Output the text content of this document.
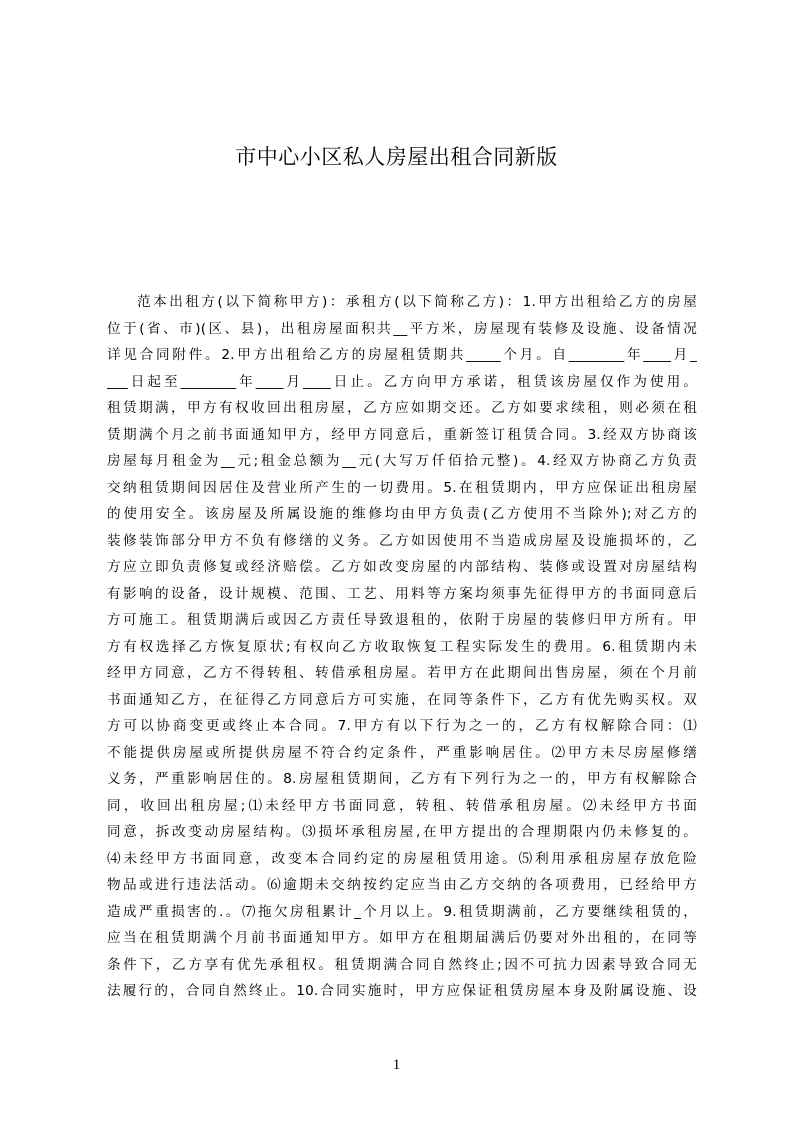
市中心小区私人房屋出租合同新版
范本出租方(以下简称甲方)：承租方(以下简称乙方)：1.甲方出租给乙方的房屋
位于(省、市)(区、县)，出租房屋面积共__平方米，房屋现有装修及设施、设备情况
详见合同附件。2.甲方出租给乙方的房屋租赁期共_____个月。自________年____月_
___日起至________年____月____日止。乙方向甲方承诺，租赁该房屋仅作为使用。
租赁期满，甲方有权收回出租房屋，乙方应如期交还。乙方如要求续租，则必须在租
赁期满个月之前书面通知甲方，经甲方同意后，重新签订租赁合同。3.经双方协商该
房屋每月租金为__元;租金总额为__元(大写万仟佰拾元整)。4.经双方协商乙方负责
交纳租赁期间因居住及营业所产生的一切费用。5.在租赁期内，甲方应保证出租房屋
的使用安全。该房屋及所属设施的维修均由甲方负责(乙方使用不当除外);对乙方的
装修装饰部分甲方不负有修缮的义务。乙方如因使用不当造成房屋及设施损坏的，乙
方应立即负责修复或经济赔偿。乙方如改变房屋的内部结构、装修或设置对房屋结构
有影响的设备，设计规模、范围、工艺、用料等方案均须事先征得甲方的书面同意后
方可施工。租赁期满后或因乙方责任导致退租的，依附于房屋的装修归甲方所有。甲
方有权选择乙方恢复原状;有权向乙方收取恢复工程实际发生的费用。6.租赁期内未
经甲方同意，乙方不得转租、转借承租房屋。若甲方在此期间出售房屋，须在个月前
书面通知乙方，在征得乙方同意后方可实施，在同等条件下，乙方有优先购买权。双
方可以协商变更或终止本合同。7.甲方有以下行为之一的，乙方有权解除合同：⑴
不能提供房屋或所提供房屋不符合约定条件，严重影响居住。⑵甲方未尽房屋修缮
义务，严重影响居住的。8.房屋租赁期间，乙方有下列行为之一的，甲方有权解除合
同，收回出租房屋;⑴未经甲方书面同意，转租、转借承租房屋。⑵未经甲方书面
同意，拆改变动房屋结构。⑶损坏承租房屋,在甲方提出的合理期限内仍未修复的。
⑷未经甲方书面同意，改变本合同约定的房屋租赁用途。⑸利用承租房屋存放危险
物品或进行违法活动。⑹逾期未交纳按约定应当由乙方交纳的各项费用，已经给甲方
造成严重损害的.。⑺拖欠房租累计_个月以上。9.租赁期满前，乙方要继续租赁的，
应当在租赁期满个月前书面通知甲方。如甲方在租期届满后仍要对外出租的，在同等
条件下，乙方享有优先承租权。租赁期满合同自然终止;因不可抗力因素导致合同无
法履行的，合同自然终止。10.合同实施时，甲方应保证租赁房屋本身及附属设施、设
1
